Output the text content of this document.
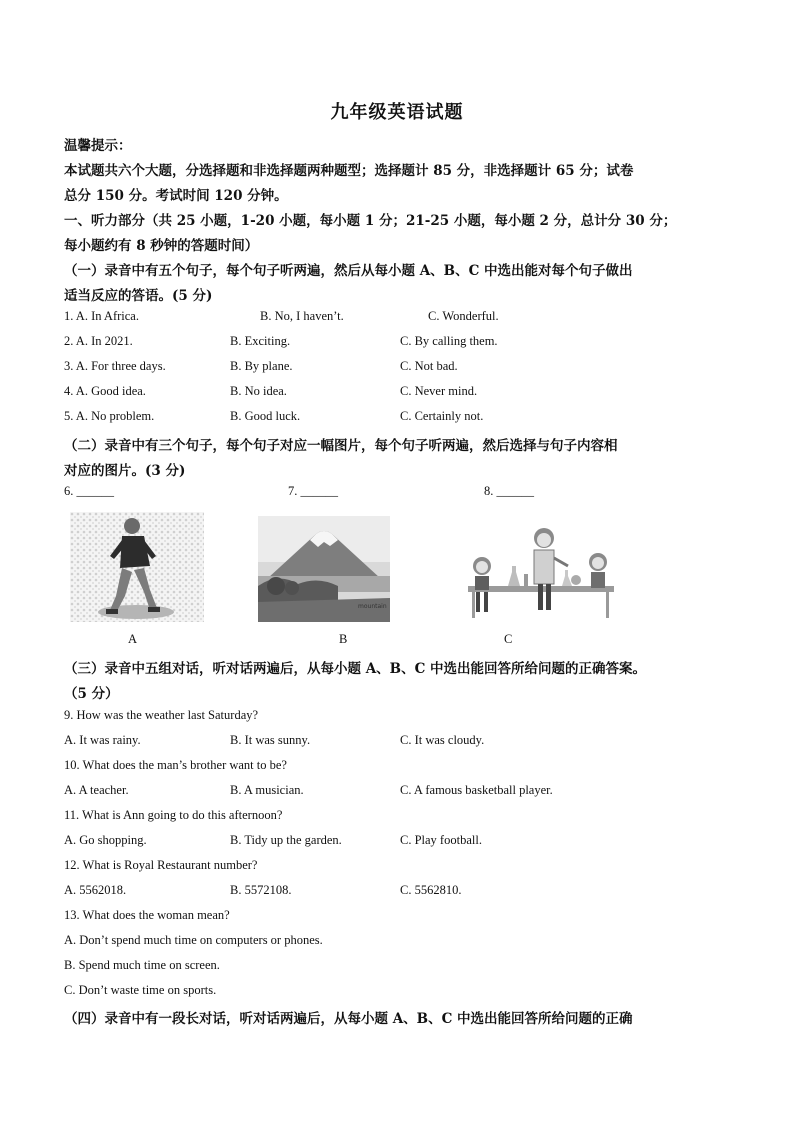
九年级英语试题
温馨提示：
本试题共六个大题，分选择题和非选择题两种题型；选择题计 85 分，非选择题计 65 分；试卷
总分 150 分。考试时间 120 分钟。
一、听力部分（共 25 小题，1-20 小题，每小题 1 分；21-25 小题，每小题 2 分，总计分 30 分；
每小题约有 8 秒钟的答题时间）
（一）录音中有五个句子，每个句子听两遍，然后从每小题 A、B、C 中选出能对每个句子做出
适当反应的答语。(5 分)
1. A. In Africa.	B. No, I haven’t.	C. Wonderful.
2. A. In 2021.	B. Exciting.	C. By calling them.
3. A. For three days.	B. By plane.	C. Not bad.
4. A. Good idea.	B. No idea.	C. Never mind.
5. A. No problem.	B. Good luck.	C. Certainly not.
（二）录音中有三个句子，每个句子对应一幅图片，每个句子听两遍，然后选择与句子内容相
对应的图片。(3 分)
6. ______	7. ______	8. ______
mountain
A	B	C
（三）录音中五组对话，听对话两遍后，从每小题 A、B、C 中选出能回答所给问题的正确答案。
（5 分）
9. How was the weather last Saturday?
A. It was rainy.	B. It was sunny.	C. It was cloudy.
10. What does the man’s brother want to be?
A. A teacher.	B. A musician.	C. A famous basketball player.
11. What is Ann going to do this afternoon?
A. Go shopping.	B. Tidy up the garden.	C. Play football.
12. What is Royal Restaurant number?
A. 5562018.	B. 5572108.	C. 5562810.
13. What does the woman mean?
A. Don’t spend much time on computers or phones.
B. Spend much time on screen.
C. Don’t waste time on sports.
（四）录音中有一段长对话，听对话两遍后，从每小题 A、B、C 中选出能回答所给问题的正确
